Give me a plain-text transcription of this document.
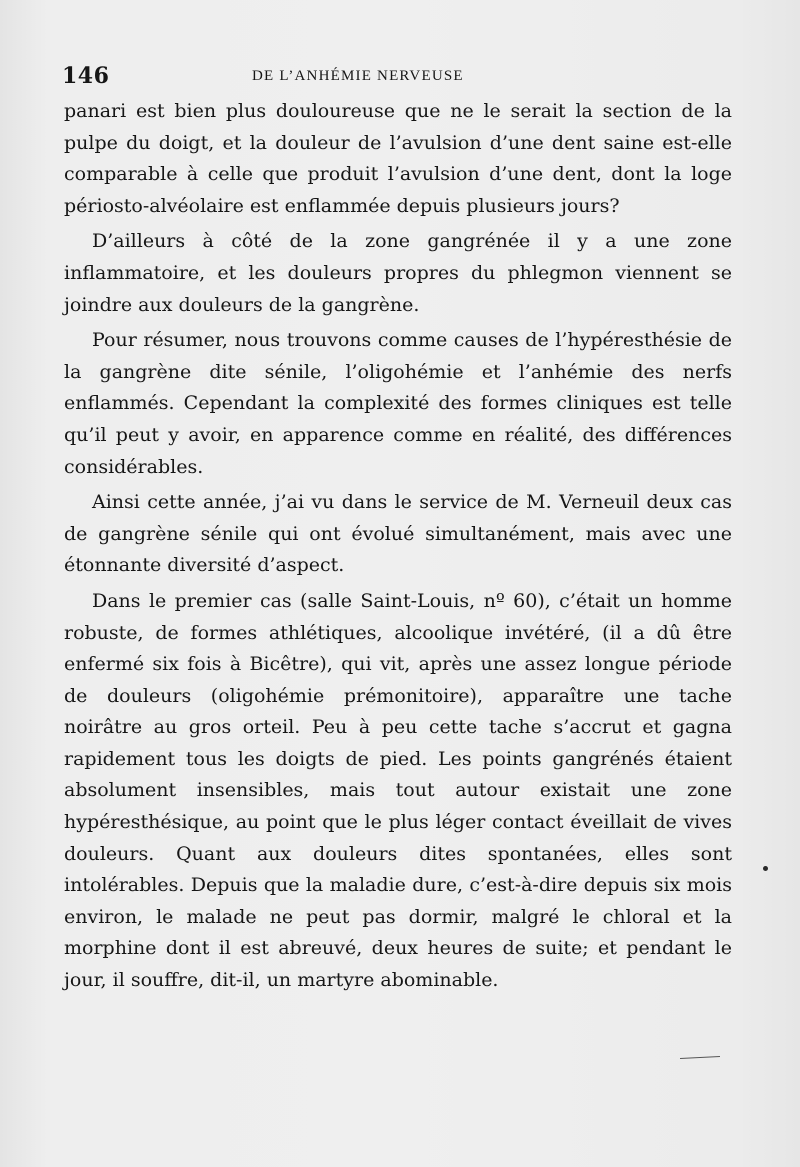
146	DE L’ANHÉMIE NERVEUSE

panari est bien plus douloureuse que ne le serait la section de la pulpe du doigt, et la douleur de l’avulsion d’une dent saine est-elle comparable à celle que produit l’avulsion d’une dent, dont la loge périosto-alvéolaire est enflammée depuis plusieurs jours?

D’ailleurs à côté de la zone gangrénée il y a une zone inflammatoire, et les douleurs propres du phlegmon viennent se joindre aux douleurs de la gangrène.

Pour résumer, nous trouvons comme causes de l’hypéresthésie de la gangrène dite sénile, l’oligohémie et l’anhémie des nerfs enflammés. Cependant la complexité des formes cliniques est telle qu’il peut y avoir, en apparence comme en réalité, des différences considérables.

Ainsi cette année, j’ai vu dans le service de M. Verneuil deux cas de gangrène sénile qui ont évolué simultanément, mais avec une étonnante diversité d’aspect.

Dans le premier cas (salle Saint-Louis, nº 60), c’était un homme robuste, de formes athlétiques, alcoolique invétéré, (il a dû être enfermé six fois à Bicêtre), qui vit, après une assez longue période de douleurs (oligohémie prémonitoire), apparaître une tache noirâtre au gros orteil. Peu à peu cette tache s’accrut et gagna rapidement tous les doigts de pied. Les points gangrénés étaient absolument insensibles, mais tout autour existait une zone hypéresthésique, au point que le plus léger contact éveillait de vives douleurs. Quant aux douleurs dites spontanées, elles sont intolérables. Depuis que la maladie dure, c’est-à-dire depuis six mois environ, le malade ne peut pas dormir, malgré le chloral et la morphine dont il est abreuvé, deux heures de suite; et pendant le jour, il souffre, dit-il, un martyre abominable.
